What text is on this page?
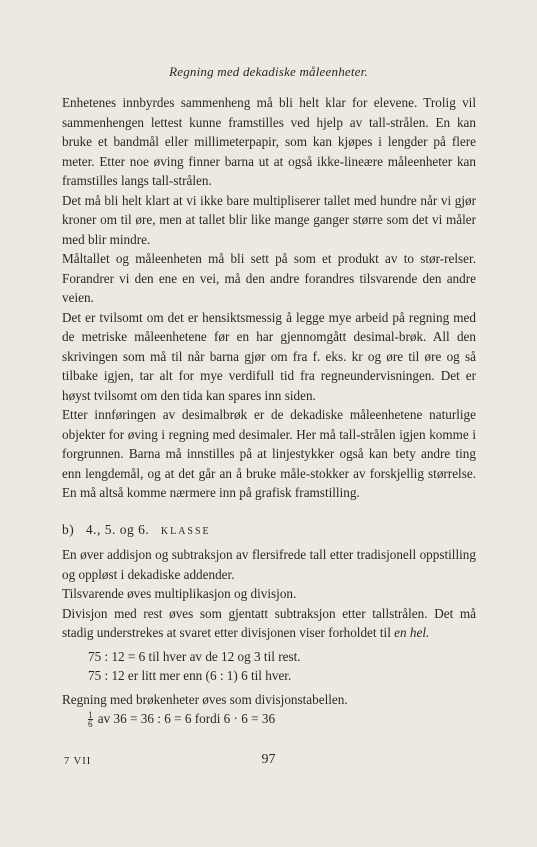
Regning med dekadiske måleenheter.

Enhetenes innbyrdes sammenheng må bli helt klar for elevene. Trolig vil sammenhengen lettest kunne framstilles ved hjelp av tall-strålen. En kan bruke et bandmål eller millimeterpapir, som kan kjøpes i lengder på flere meter. Etter noe øving finner barna ut at også ikke-lineære måleenheter kan framstilles langs tall-strålen.

Det må bli helt klart at vi ikke bare multipliserer tallet med hundre når vi gjør kroner om til øre, men at tallet blir like mange ganger større som det vi måler med blir mindre.

Måltallet og måleenheten må bli sett på som et produkt av to stør-relser. Forandrer vi den ene en vei, må den andre forandres tilsvarende den andre veien.

Det er tvilsomt om det er hensiktsmessig å legge mye arbeid på regning med de metriske måleenhetene før en har gjennomgått desimal-brøk. All den skrivingen som må til når barna gjør om fra f. eks. kr og øre til øre og så tilbake igjen, tar alt for mye verdifull tid fra regneundervisningen. Det er høyst tvilsomt om den tida kan spares inn siden.

Etter innføringen av desimalbrøk er de dekadiske måleenhetene naturlige objekter for øving i regning med desimaler. Her må tall-strålen igjen komme i forgrunnen. Barna må innstilles på at linjestykker også kan bety andre ting enn lengdemål, og at det går an å bruke måle-stokker av forskjellig størrelse. En må altså komme nærmere inn på grafisk framstilling.

b) 4., 5. og 6. KLASSE

En øver addisjon og subtraksjon av flersifrede tall etter tradisjonell oppstilling og oppløst i dekadiske addender.

Tilsvarende øves multiplikasjon og divisjon.

Divisjon med rest øves som gjentatt subtraksjon etter tallstrålen. Det må stadig understrekes at svaret etter divisjonen viser forholdet til en hel.

75 : 12 = 6 til hver av de 12 og 3 til rest.

75 : 12 er litt mer enn (6 : 1) 6 til hver.

Regning med brøkenheter øves som divisjonstabellen.

$\frac{1}{6}$ av 36 = 36 : 6 = 6 fordi 6 · 6 = 36

7 VII	97
